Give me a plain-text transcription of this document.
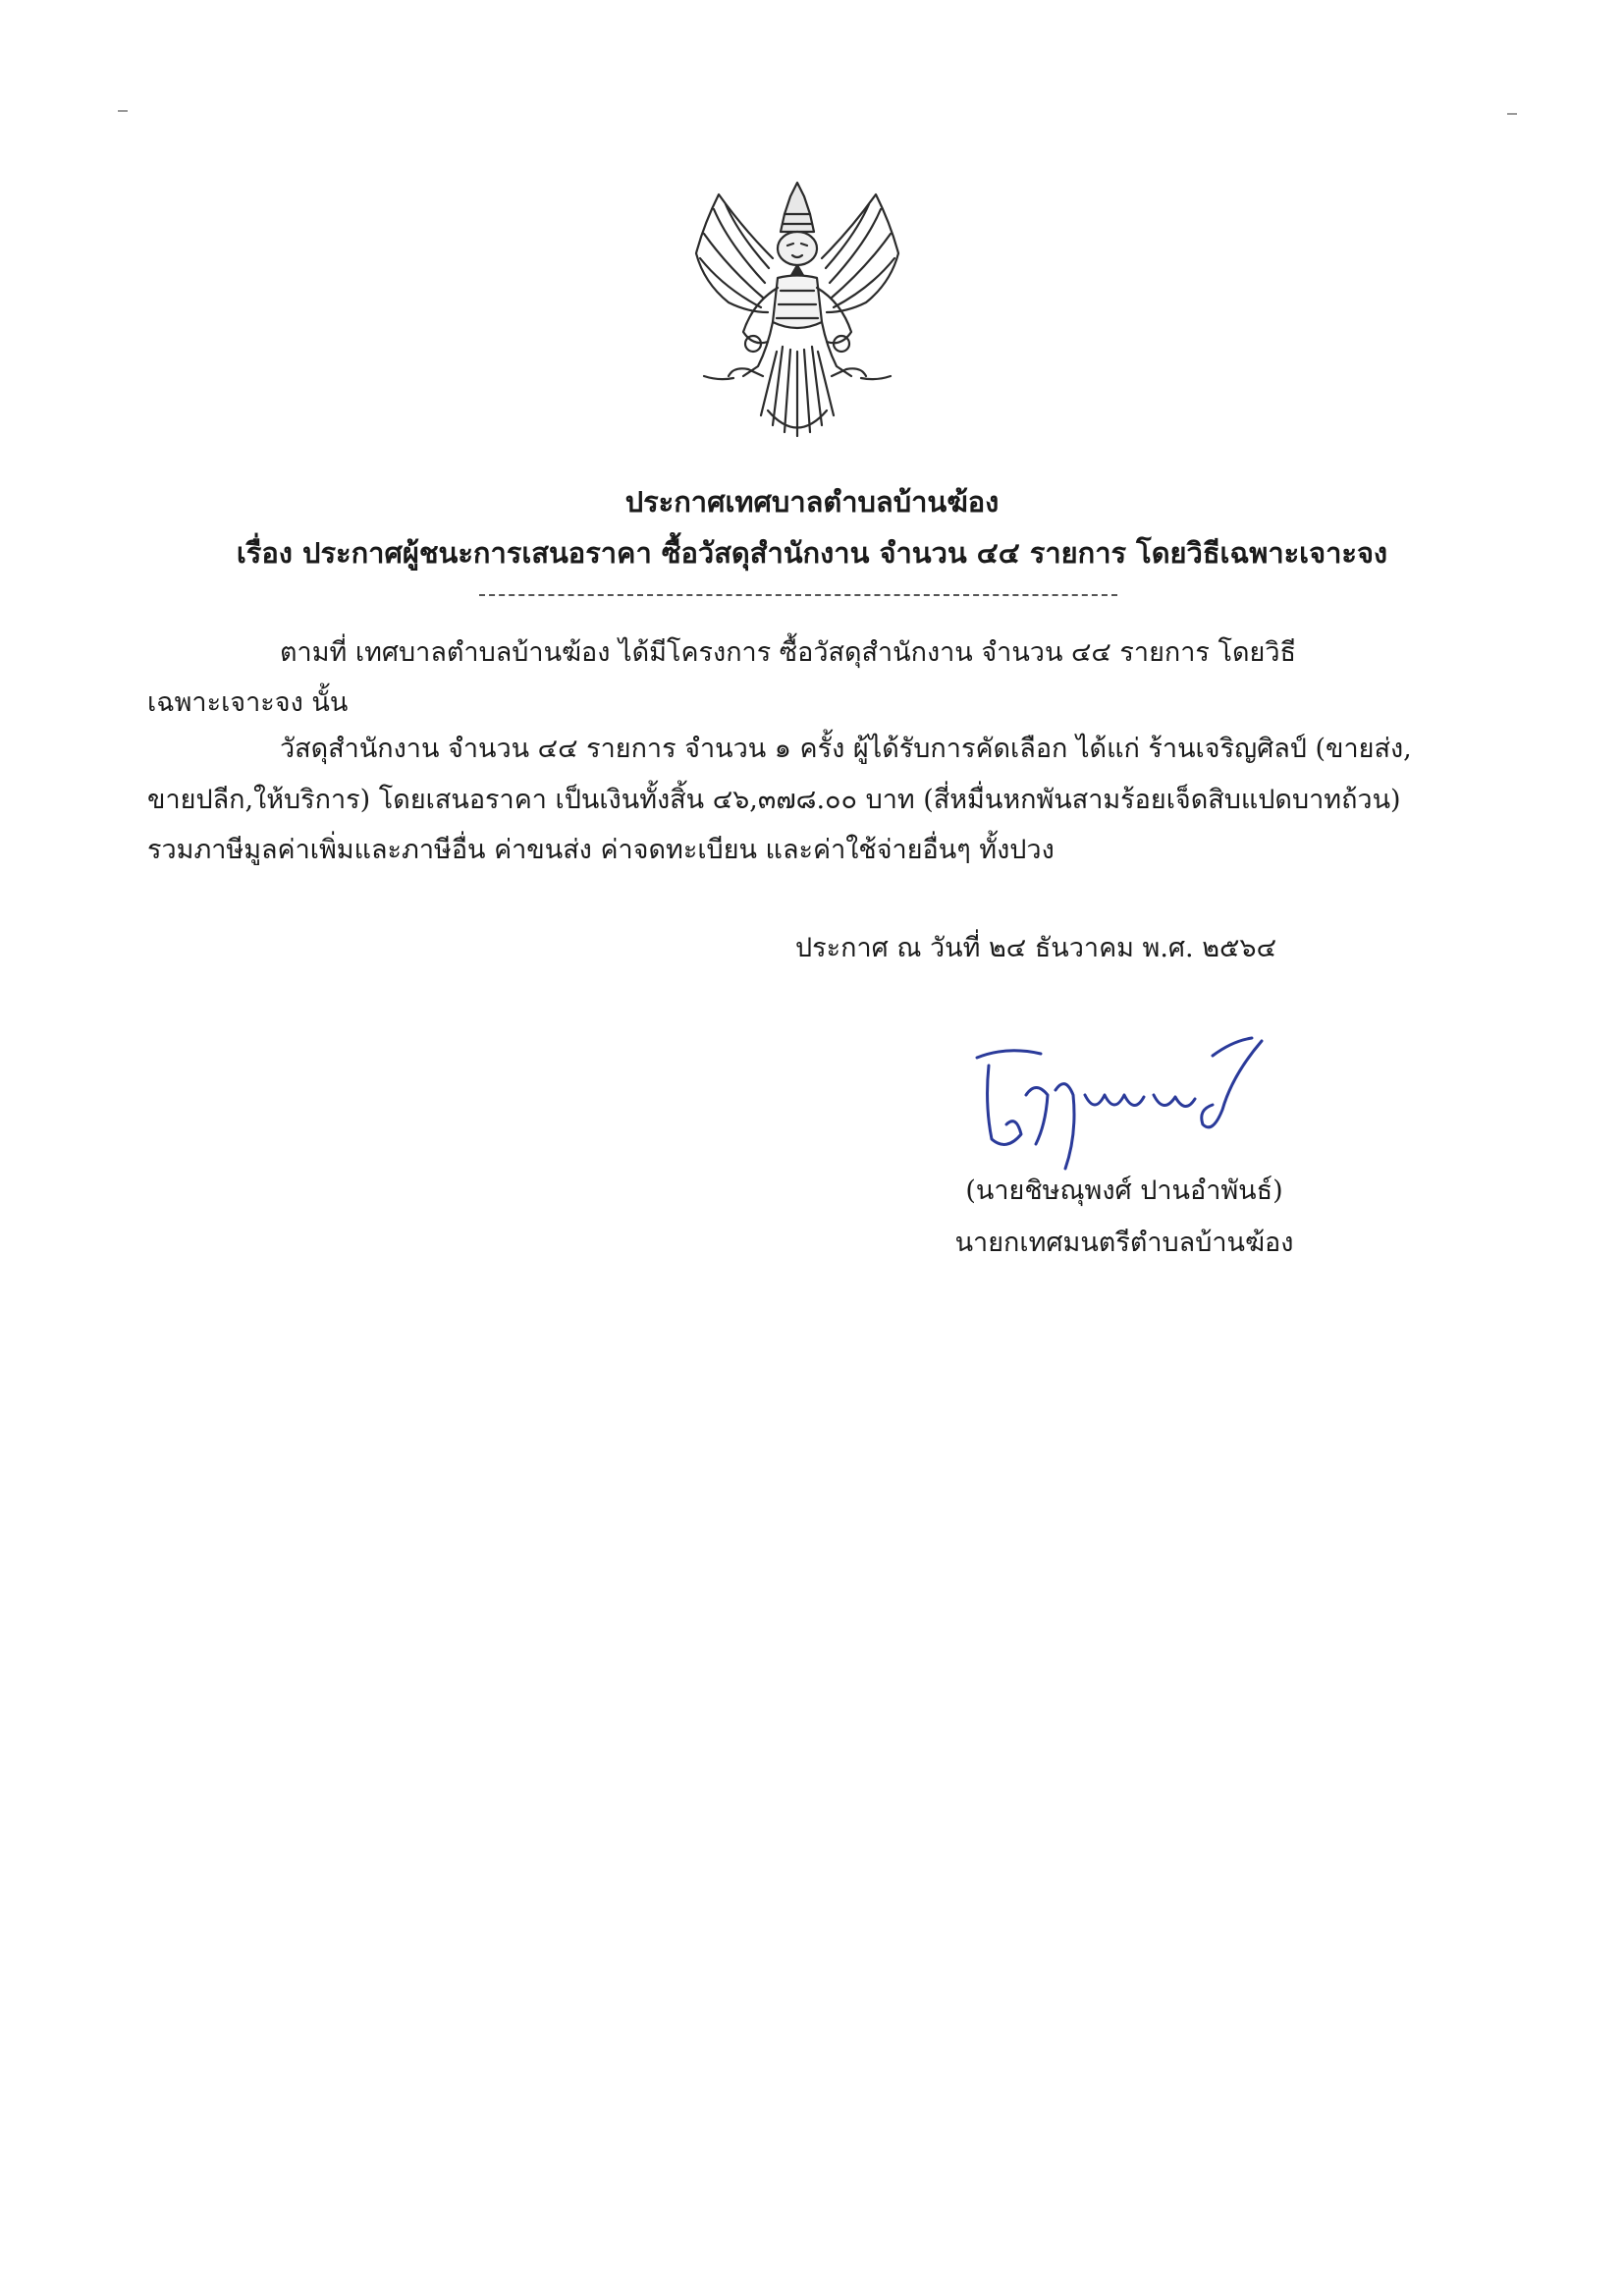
ประกาศเทศบาลตำบลบ้านฆ้อง
เรื่อง ประกาศผู้ชนะการเสนอราคา ซื้อวัสดุสำนักงาน จำนวน ๔๔ รายการ โดยวิธีเฉพาะเจาะจง
ตามที่ เทศบาลตำบลบ้านฆ้อง ได้มีโครงการ ซื้อวัสดุสำนักงาน จำนวน ๔๔ รายการ โดยวิธี
เฉพาะเจาะจง นั้น
วัสดุสำนักงาน จำนวน ๔๔ รายการ จำนวน ๑ ครั้ง ผู้ได้รับการคัดเลือก ได้แก่ ร้านเจริญศิลป์ (ขายส่ง,
ขายปลีก,ให้บริการ) โดยเสนอราคา เป็นเงินทั้งสิ้น ๔๖,๓๗๘.๐๐ บาท (สี่หมื่นหกพันสามร้อยเจ็ดสิบแปดบาทถ้วน)
รวมภาษีมูลค่าเพิ่มและภาษีอื่น ค่าขนส่ง ค่าจดทะเบียน และค่าใช้จ่ายอื่นๆ ทั้งปวง
ประกาศ ณ วันที่ ๒๔ ธันวาคม พ.ศ. ๒๕๖๔
(นายชิษณุพงศ์ ปานอำพันธ์)
นายกเทศมนตรีตำบลบ้านฆ้อง
